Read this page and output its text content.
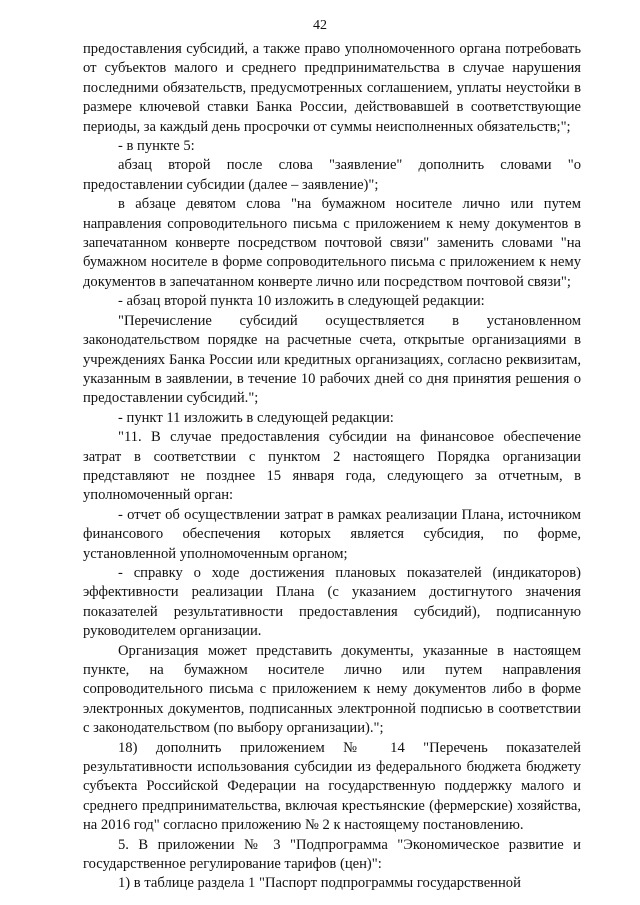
42

предоставления субсидий, а также право уполномоченного органа потребовать от субъектов малого и среднего предпринимательства в случае нарушения последними обязательств, предусмотренных соглашением, уплаты неустойки в размере ключевой ставки Банка России, действовавшей в соответствующие периоды, за каждый день просрочки от суммы неисполненных обязательств;";

- в пункте 5:

абзац второй после слова "заявление" дополнить словами "о предоставлении субсидии (далее – заявление)";

в абзаце девятом слова "на бумажном носителе лично или путем направления сопроводительного письма с приложением к нему документов в запечатанном конверте посредством почтовой связи" заменить словами "на бумажном носителе в форме сопроводительного письма с приложением к нему документов в запечатанном конверте лично или посредством почтовой связи";

- абзац второй пункта 10 изложить в следующей редакции:

"Перечисление субсидий осуществляется в установленном законодательством порядке на расчетные счета, открытые организациями в учреждениях Банка России или кредитных организациях, согласно реквизитам, указанным в заявлении, в течение 10 рабочих дней со дня принятия решения о предоставлении субсидий.";

- пункт 11 изложить в следующей редакции:

"11. В случае предоставления субсидии на финансовое обеспечение затрат в соответствии с пунктом 2 настоящего Порядка организации представляют не позднее 15 января года, следующего за отчетным, в уполномоченный орган:

- отчет об осуществлении затрат в рамках реализации Плана, источником финансового обеспечения которых является субсидия, по форме, установленной уполномоченным органом;

- справку о ходе достижения плановых показателей (индикаторов) эффективности реализации Плана (с указанием достигнутого значения показателей результативности предоставления субсидий), подписанную руководителем организации.

Организация может представить документы, указанные в настоящем пункте, на бумажном носителе лично или путем направления сопроводительного письма с приложением к нему документов либо в форме электронных документов, подписанных электронной подписью в соответствии с законодательством (по выбору организации).";

18) дополнить приложением № 14 "Перечень показателей результативности использования субсидии из федерального бюджета бюджету субъекта Российской Федерации на государственную поддержку малого и среднего предпринимательства, включая крестьянские (фермерские) хозяйства, на 2016 год" согласно приложению № 2 к настоящему постановлению.

5. В приложении № 3 "Подпрограмма "Экономическое развитие и государственное регулирование тарифов (цен)":

1) в таблице раздела 1 "Паспорт подпрограммы государственной
